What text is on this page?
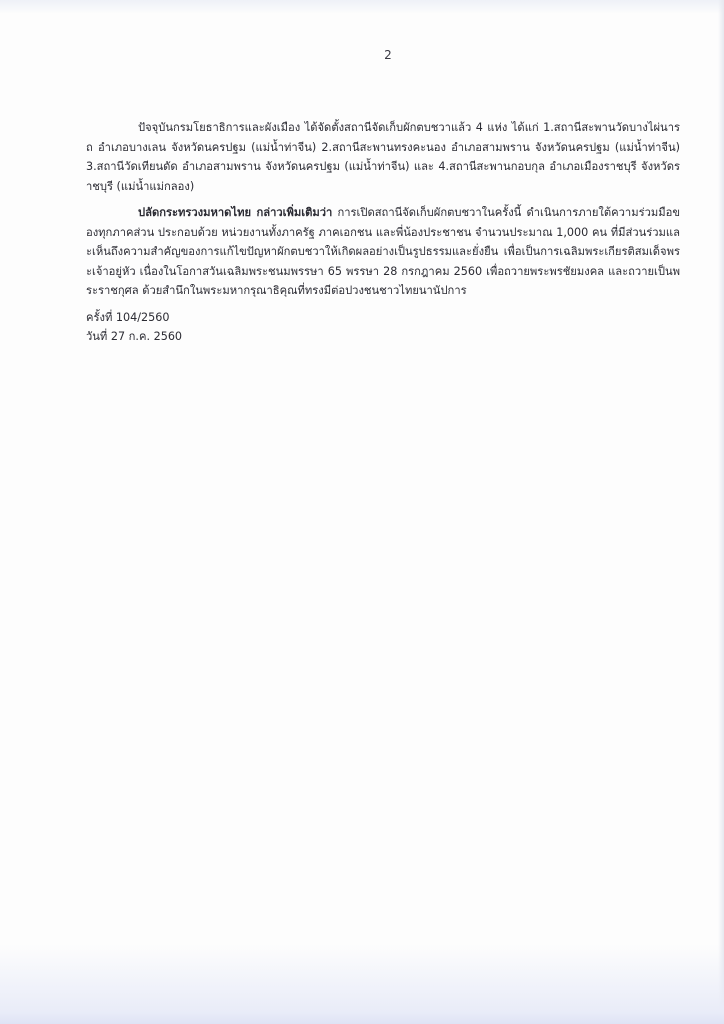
2

ปัจจุบันกรมโยธาธิการและผังเมือง ได้จัดตั้งสถานีจัดเก็บผักตบชวาแล้ว 4 แห่ง ได้แก่ 1.สถานีสะพานวัดบางไผ่นารถ อำเภอบางเลน จังหวัดนครปฐม (แม่น้ำท่าจีน) 2.สถานีสะพานทรงคะนอง อำเภอสามพราน จังหวัดนครปฐม (แม่น้ำท่าจีน) 3.สถานีวัดเทียนดัด อำเภอสามพราน จังหวัดนครปฐม (แม่น้ำท่าจีน) และ 4.สถานีสะพานกอบกุล อำเภอเมืองราชบุรี จังหวัดราชบุรี (แม่น้ำแม่กลอง)

ปลัดกระทรวงมหาดไทย กล่าวเพิ่มเติมว่า การเปิดสถานีจัดเก็บผักตบชวาในครั้งนี้ ดำเนินการภายใต้ความร่วมมือของทุกภาคส่วน ประกอบด้วย หน่วยงานทั้งภาครัฐ ภาคเอกชน และพี่น้องประชาชน จำนวนประมาณ 1,000 คน ที่มีส่วนร่วมและเห็นถึงความสำคัญของการแก้ไขปัญหาผักตบชวาให้เกิดผลอย่างเป็นรูปธรรมและยั่งยืน เพื่อเป็นการเฉลิมพระเกียรติสมเด็จพระเจ้าอยู่หัว เนื่องในโอกาสวันเฉลิมพระชนมพรรษา 65 พรรษา 28 กรกฎาคม 2560 เพื่อถวายพระพรชัยมงคล และถวายเป็นพระราชกุศล ด้วยสำนึกในพระมหากรุณาธิคุณที่ทรงมีต่อปวงชนชาวไทยนานัปการ

ครั้งที่ 104/2560
วันที่ 27 ก.ค. 2560
